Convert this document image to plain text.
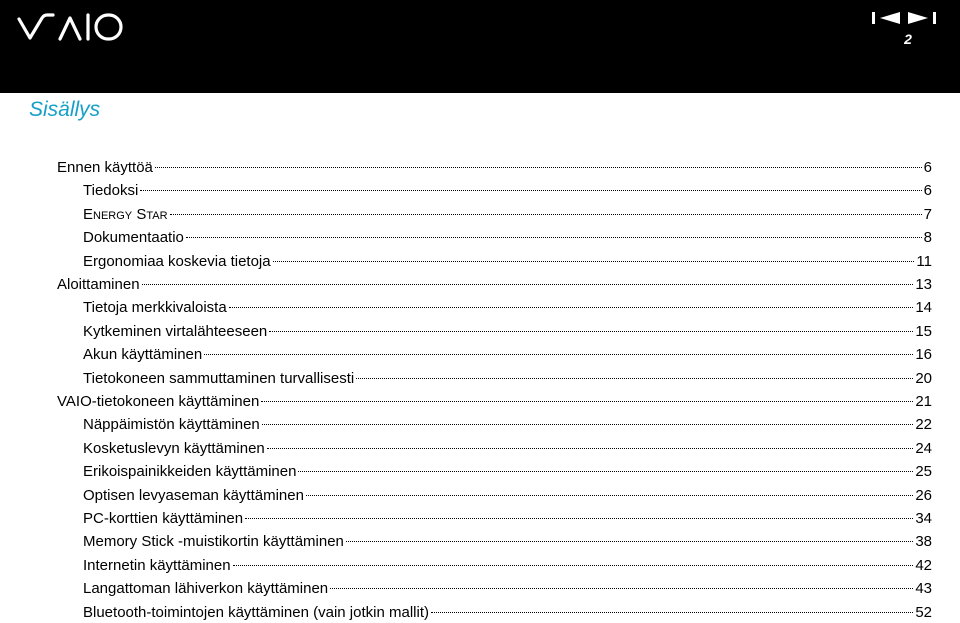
2
Sisällys
Ennen käyttöä	6
Tiedoksi	6
ENERGY STAR	7
Dokumentaatio	8
Ergonomiaa koskevia tietoja	11
Aloittaminen	13
Tietoja merkkivaloista	14
Kytkeminen virtalähteeseen	15
Akun käyttäminen	16
Tietokoneen sammuttaminen turvallisesti	20
VAIO-tietokoneen käyttäminen	21
Näppäimistön käyttäminen	22
Kosketuslevyn käyttäminen	24
Erikoispainikkeiden käyttäminen	25
Optisen levyaseman käyttäminen	26
PC-korttien käyttäminen	34
Memory Stick -muistikortin käyttäminen	38
Internetin käyttäminen	42
Langattoman lähiverkon käyttäminen	43
Bluetooth-toimintojen käyttäminen (vain jotkin mallit)	52
